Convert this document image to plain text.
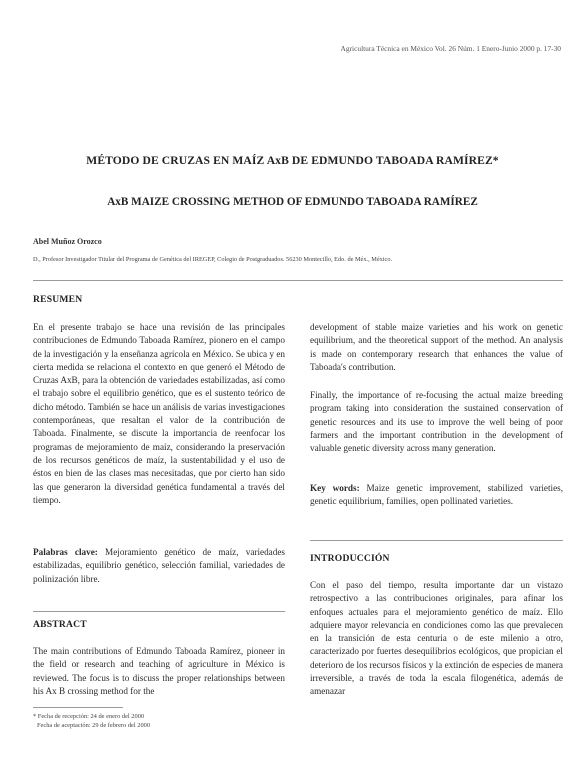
Agricultura Técnica en México Vol. 26 Núm. 1 Enero-Junio 2000 p. 17-30
MÉTODO DE CRUZAS EN MAÍZ AxB DE EDMUNDO TABOADA RAMÍREZ*
AxB MAIZE CROSSING METHOD OF EDMUNDO TABOADA RAMÍREZ
Abel Muñoz Orozco
D., Profesor Investigador Titular del Programa de Genética del IREGEP, Colegio de Postgraduados. 56230 Montecillo, Edo. de Méx., México.
RESUMEN

En el presente trabajo se hace una revisión de las principales contribuciones de Edmundo Taboada Ramírez, pionero en el campo de la investigación y la enseñanza agrícola en México. Se ubica y en cierta medida se relaciona el contexto en que generó el Método de Cruzas AxB, para la obtención de variedades estabilizadas, así como el trabajo sobre el equilibrio genético, que es el sustento teórico de dicho método. También se hace un análisis de varias investigaciones contemporáneas, que resaltan el valor de la contribución de Taboada. Finalmente, se discute la importancia de reenfocar los programas de mejoramiento de maíz, considerando la preservación de los recursos genéticos de maíz, la sustentabilidad y el uso de éstos en bien de las clases mas necesitadas, que por cierto han sido las que generaron la diversidad genética fundamental a través del tiempo.

Palabras clave: Mejoramiento genético de maíz, variedades estabilizadas, equilibrio genético, selección familial, variedades de polinización libre.

ABSTRACT

The main contributions of Edmundo Taboada Ramírez, pioneer in the field or research and teaching of agriculture in México is reviewed. The focus is to discuss the proper relationships between his Ax B crossing method for the

* Fecha de recepción: 24 de enero del 2000
Fecha de aceptación: 29 de febrero del 2000

development of stable maize varieties and his work on genetic equilibrium, and the theoretical support of the method. An analysis is made on contemporary research that enhances the value of Taboada's contribution.

Finally, the importance of re-focusing the actual maize breeding program taking into consideration the sustained conservation of genetic resources and its use to improve the well being of poor farmers and the important contribution in the development of valuable genetic diversity across many generation.

Key words: Maize genetic improvement, stabilized varieties, genetic equilibrium, families, open pollinated varieties.

INTRODUCCIÓN

Con el paso del tiempo, resulta importante dar un vistazo retrospectivo a las contribuciones originales, para afinar los enfoques actuales para el mejoramiento genético de maíz. Ello adquiere mayor relevancia en condiciones como las que prevalecen en la transición de esta centuria o de este milenio a otro, caracterizado por fuertes desequilibrios ecológicos, que propician el deterioro de los recursos físicos y la extinción de especies de manera irreversible, a través de toda la escala filogenética, además de amenazar
